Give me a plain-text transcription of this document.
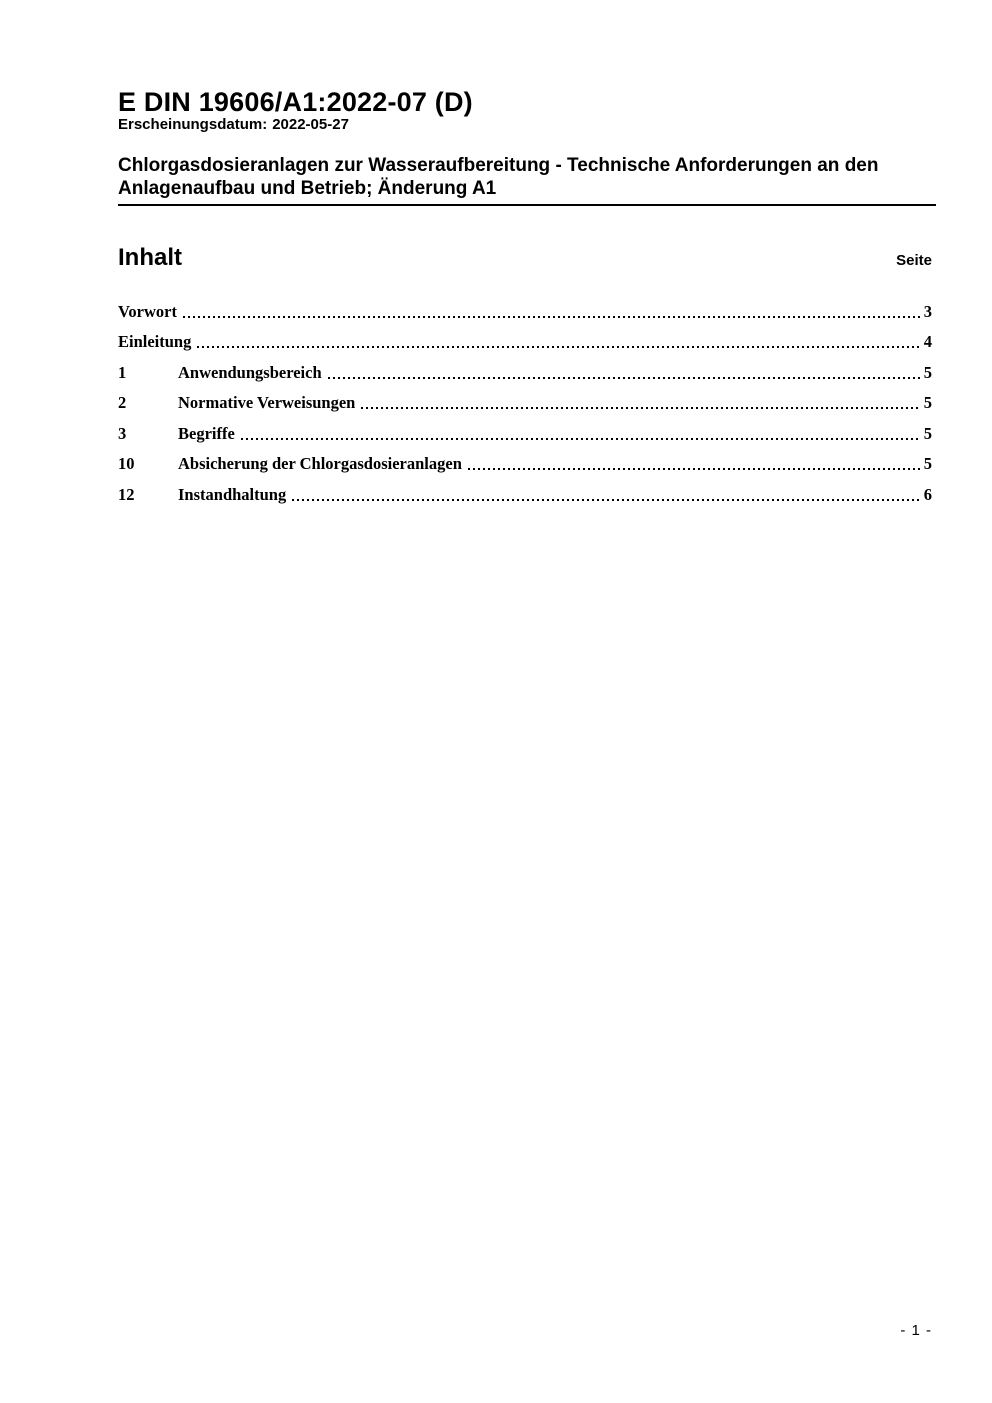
E DIN 19606/A1:2022-07 (D)
Erscheinungsdatum: 2022-05-27
Chlorgasdosieranlagen zur Wasseraufbereitung - Technische Anforderungen an den Anlagenaufbau und Betrieb; Änderung A1
Inhalt	Seite
Vorwort	3
Einleitung	4
1	Anwendungsbereich	5
2	Normative Verweisungen	5
3	Begriffe	5
10	Absicherung der Chlorgasdosieranlagen	5
12	Instandhaltung	6
- 1 -
